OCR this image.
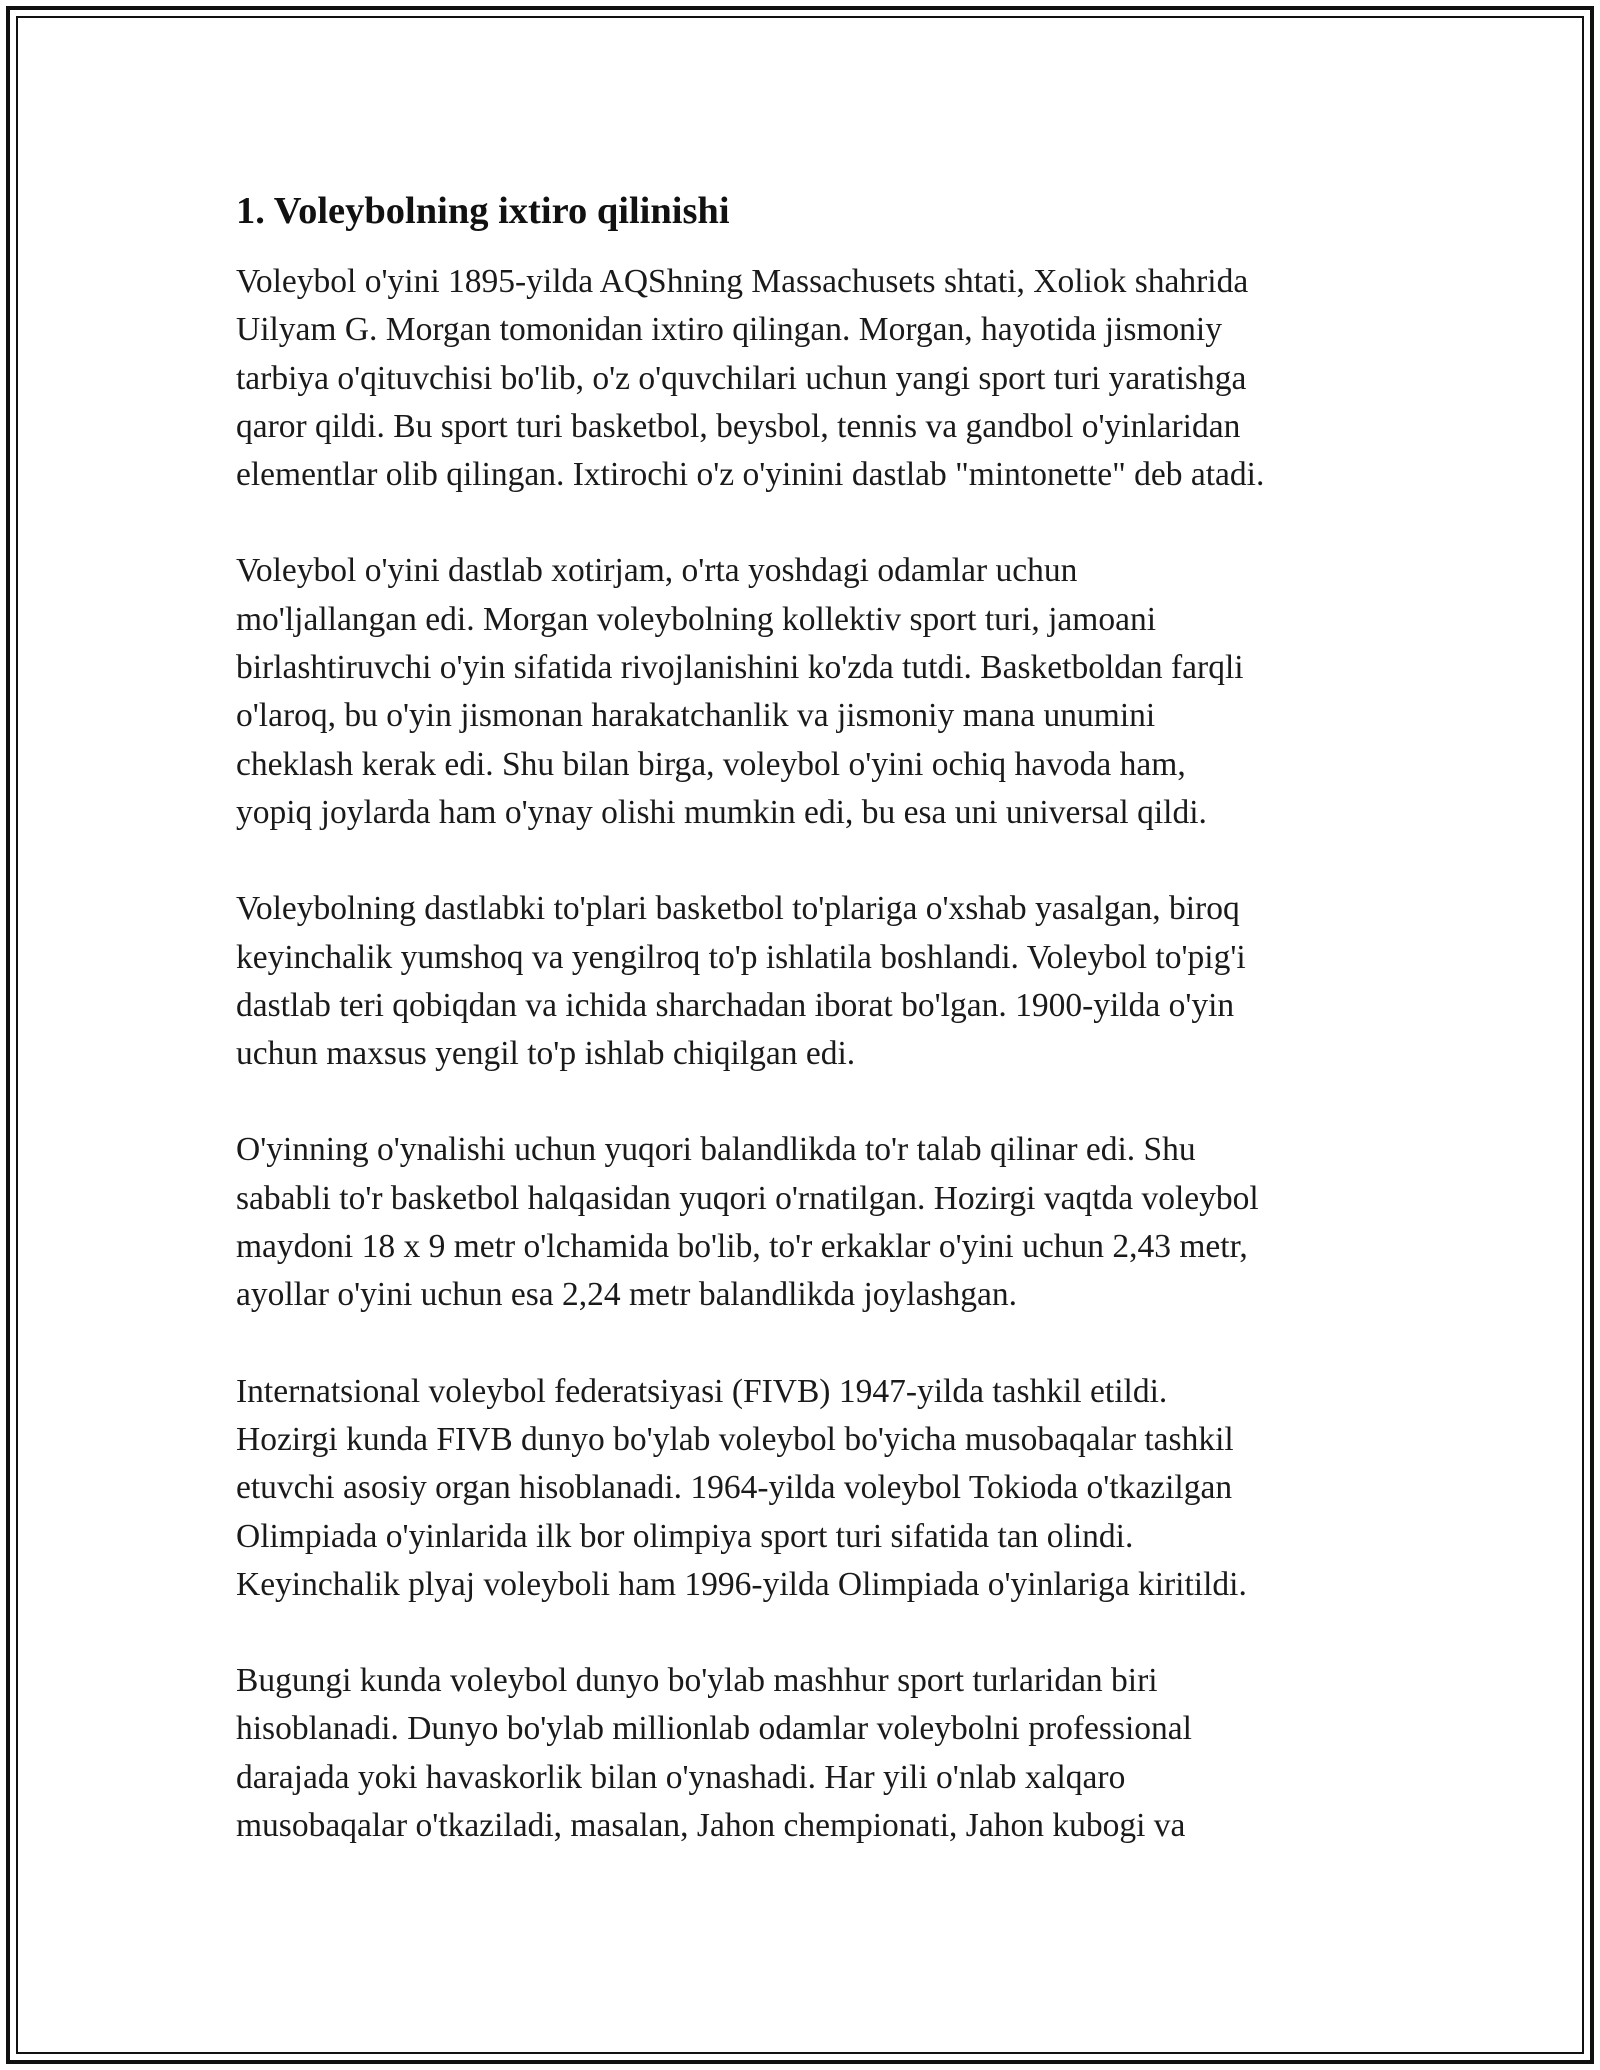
1. Voleybolning ixtiro qilinishi
Voleybol o'yini 1895-yilda AQShning Massachusets shtati, Xoliok shahrida
Uilyam G. Morgan tomonidan ixtiro qilingan. Morgan, hayotida jismoniy
tarbiya o'qituvchisi bo'lib, o'z o'quvchilari uchun yangi sport turi yaratishga
qaror qildi. Bu sport turi basketbol, beysbol, tennis va gandbol o'yinlaridan
elementlar olib qilingan. Ixtirochi o'z o'yinini dastlab "mintonette" deb atadi.
Voleybol o'yini dastlab xotirjam, o'rta yoshdagi odamlar uchun
mo'ljallangan edi. Morgan voleybolning kollektiv sport turi, jamoani
birlashtiruvchi o'yin sifatida rivojlanishini ko'zda tutdi. Basketboldan farqli
o'laroq, bu o'yin jismonan harakatchanlik va jismoniy mana unumini
cheklash kerak edi. Shu bilan birga, voleybol o'yini ochiq havoda ham,
yopiq joylarda ham o'ynay olishi mumkin edi, bu esa uni universal qildi.
Voleybolning dastlabki to'plari basketbol to'plariga o'xshab yasalgan, biroq
keyinchalik yumshoq va yengilroq to'p ishlatila boshlandi. Voleybol to'pig'i
dastlab teri qobiqdan va ichida sharchadan iborat bo'lgan. 1900-yilda o'yin
uchun maxsus yengil to'p ishlab chiqilgan edi.
O'yinning o'ynalishi uchun yuqori balandlikda to'r talab qilinar edi. Shu
sababli to'r basketbol halqasidan yuqori o'rnatilgan. Hozirgi vaqtda voleybol
maydoni 18 x 9 metr o'lchamida bo'lib, to'r erkaklar o'yini uchun 2,43 metr,
ayollar o'yini uchun esa 2,24 metr balandlikda joylashgan.
Internatsional voleybol federatsiyasi (FIVB) 1947-yilda tashkil etildi.
Hozirgi kunda FIVB dunyo bo'ylab voleybol bo'yicha musobaqalar tashkil
etuvchi asosiy organ hisoblanadi. 1964-yilda voleybol Tokioda o'tkazilgan
Olimpiada o'yinlarida ilk bor olimpiya sport turi sifatida tan olindi.
Keyinchalik plyaj voleyboli ham 1996-yilda Olimpiada o'yinlariga kiritildi.
Bugungi kunda voleybol dunyo bo'ylab mashhur sport turlaridan biri
hisoblanadi. Dunyo bo'ylab millionlab odamlar voleybolni professional
darajada yoki havaskorlik bilan o'ynashadi. Har yili o'nlab xalqaro
musobaqalar o'tkaziladi, masalan, Jahon chempionati, Jahon kubogi va
